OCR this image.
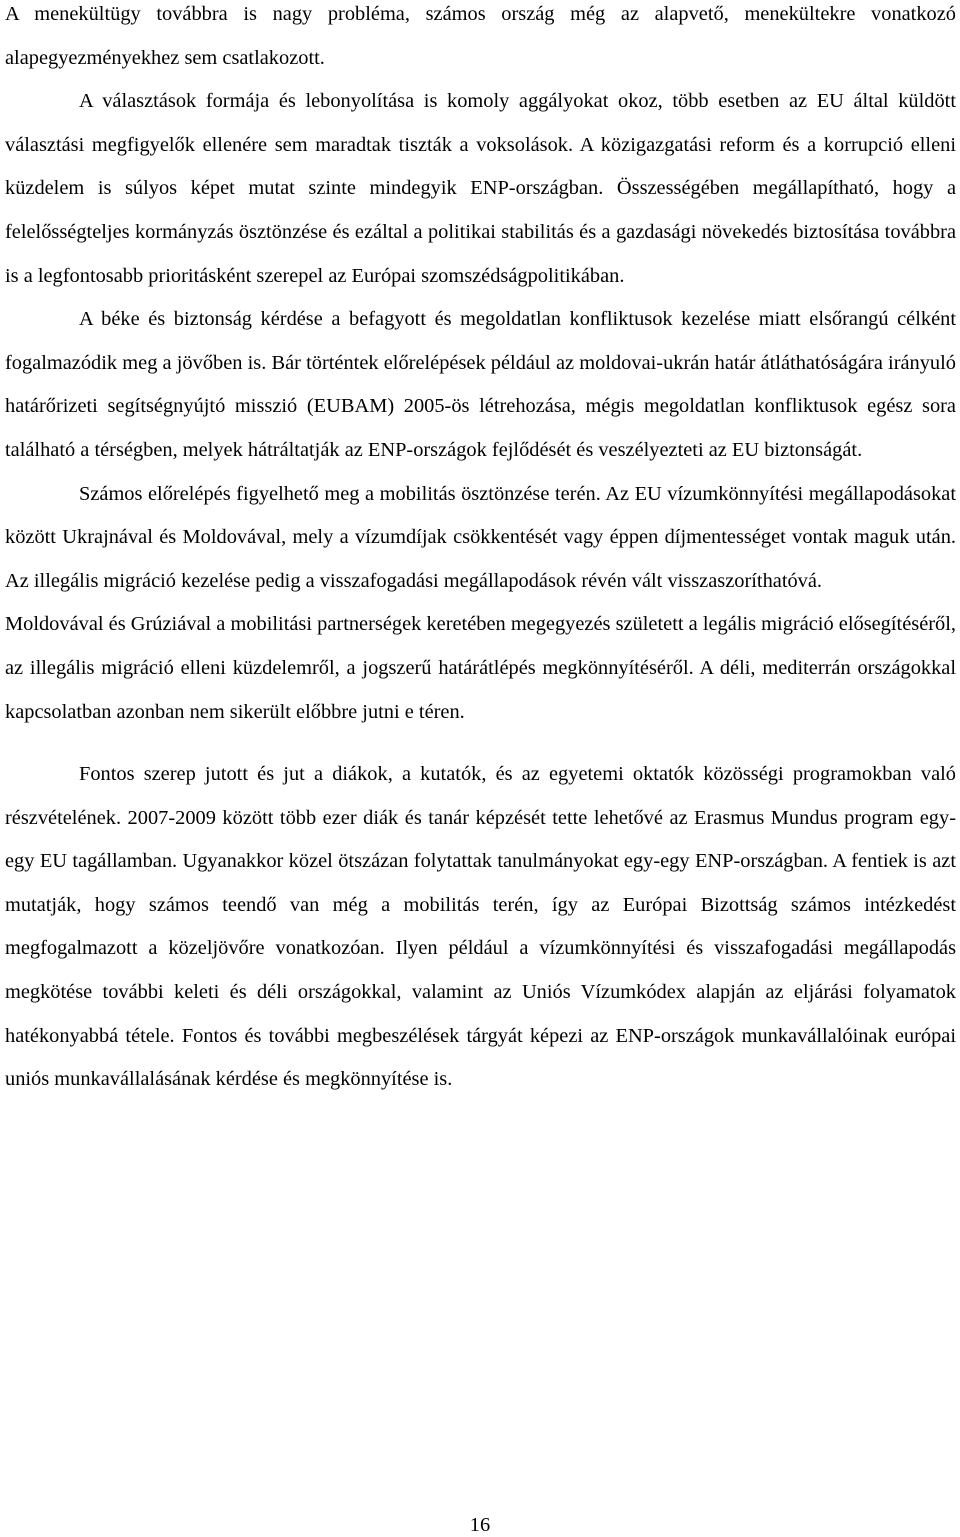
A menekültügy továbbra is nagy probléma, számos ország még az alapvető, menekültekre vonatkozó alapegyezményekhez sem csatlakozott.

A választások formája és lebonyolítása is komoly aggályokat okoz, több esetben az EU által küldött választási megfigyelők ellenére sem maradtak tiszták a voksolások. A közigazgatási reform és a korrupció elleni küzdelem is súlyos képet mutat szinte mindegyik ENP-országban. Összességében megállapítható, hogy a felelősségteljes kormányzás ösztönzése és ezáltal a politikai stabilitás és a gazdasági növekedés biztosítása továbbra is a legfontosabb prioritásként szerepel az Európai szomszédságpolitikában.

A béke és biztonság kérdése a befagyott és megoldatlan konfliktusok kezelése miatt elsőrangú célként fogalmazódik meg a jövőben is. Bár történtek előrelépések például az moldovai-ukrán határ átláthatóságára irányuló határőrizeti segítségnyújtó misszió (EUBAM) 2005-ös létrehozása, mégis megoldatlan konfliktusok egész sora található a térségben, melyek hátráltatják az ENP-országok fejlődését és veszélyezteti az EU biztonságát.

Számos előrelépés figyelhető meg a mobilitás ösztönzése terén. Az EU vízumkönnyítési megállapodásokat között Ukrajnával és Moldovával, mely a vízumdíjak csökkentését vagy éppen díjmentességet vontak maguk után. Az illegális migráció kezelése pedig a visszafogadási megállapodások révén vált visszaszoríthatóvá.

Moldovával és Grúziával a mobilitási partnerségek keretében megegyezés született a legális migráció elősegítéséről, az illegális migráció elleni küzdelemről, a jogszerű határátlépés megkönnyítéséről. A déli, mediterrán országokkal kapcsolatban azonban nem sikerült előbbre jutni e téren.

Fontos szerep jutott és jut a diákok, a kutatók, és az egyetemi oktatók közösségi programokban való részvételének. 2007-2009 között több ezer diák és tanár képzését tette lehetővé az Erasmus Mundus program egy-egy EU tagállamban. Ugyanakkor közel ötszázan folytattak tanulmányokat egy-egy ENP-országban. A fentiek is azt mutatják, hogy számos teendő van még a mobilitás terén, így az Európai Bizottság számos intézkedést megfogalmazott a közeljövőre vonatkozóan. Ilyen például a vízumkönnyítési és visszafogadási megállapodás megkötése további keleti és déli országokkal, valamint az Uniós Vízumkódex alapján az eljárási folyamatok hatékonyabbá tétele. Fontos és további megbeszélések tárgyát képezi az ENP-országok munkavállalóinak európai uniós munkavállalásának kérdése és megkönnyítése is.

16
